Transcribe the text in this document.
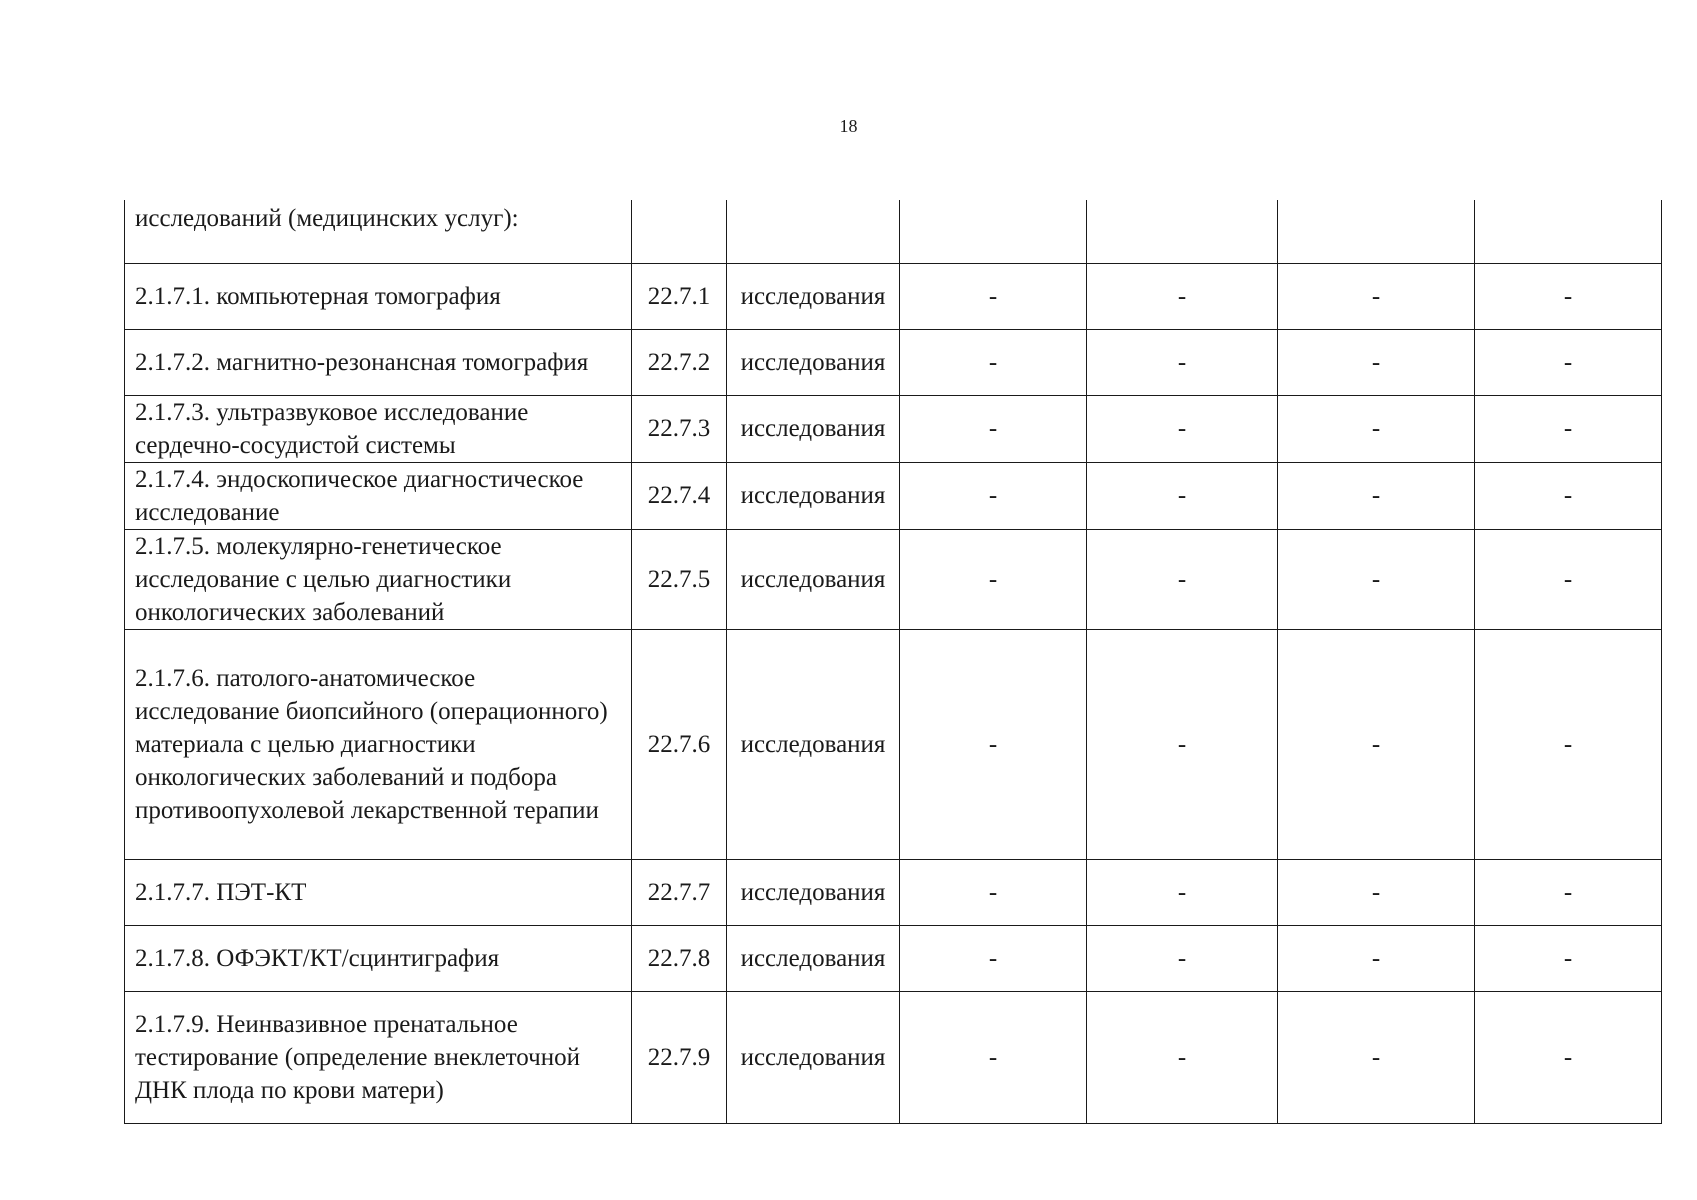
18
исследований (медицинских услуг):						
2.1.7.1. компьютерная томография	22.7.1	исследования	-	-	-	-
2.1.7.2. магнитно-резонансная томография	22.7.2	исследования	-	-	-	-
2.1.7.3. ультразвуковое исследование сердечно-сосудистой системы	22.7.3	исследования	-	-	-	-
2.1.7.4. эндоскопическое диагностическое исследование	22.7.4	исследования	-	-	-	-
2.1.7.5. молекулярно-генетическое исследование с целью диагностики онкологических заболеваний	22.7.5	исследования	-	-	-	-
2.1.7.6. патолого-анатомическое исследование биопсийного (операционного) материала с целью диагностики онкологических заболеваний и подбора противоопухолевой лекарственной терапии	22.7.6	исследования	-	-	-	-
2.1.7.7. ПЭТ-КТ	22.7.7	исследования	-	-	-	-
2.1.7.8. ОФЭКТ/КТ/сцинтиграфия	22.7.8	исследования	-	-	-	-
2.1.7.9. Неинвазивное пренатальное тестирование (определение внеклеточной ДНК плода по крови матери)	22.7.9	исследования	-	-	-	-
